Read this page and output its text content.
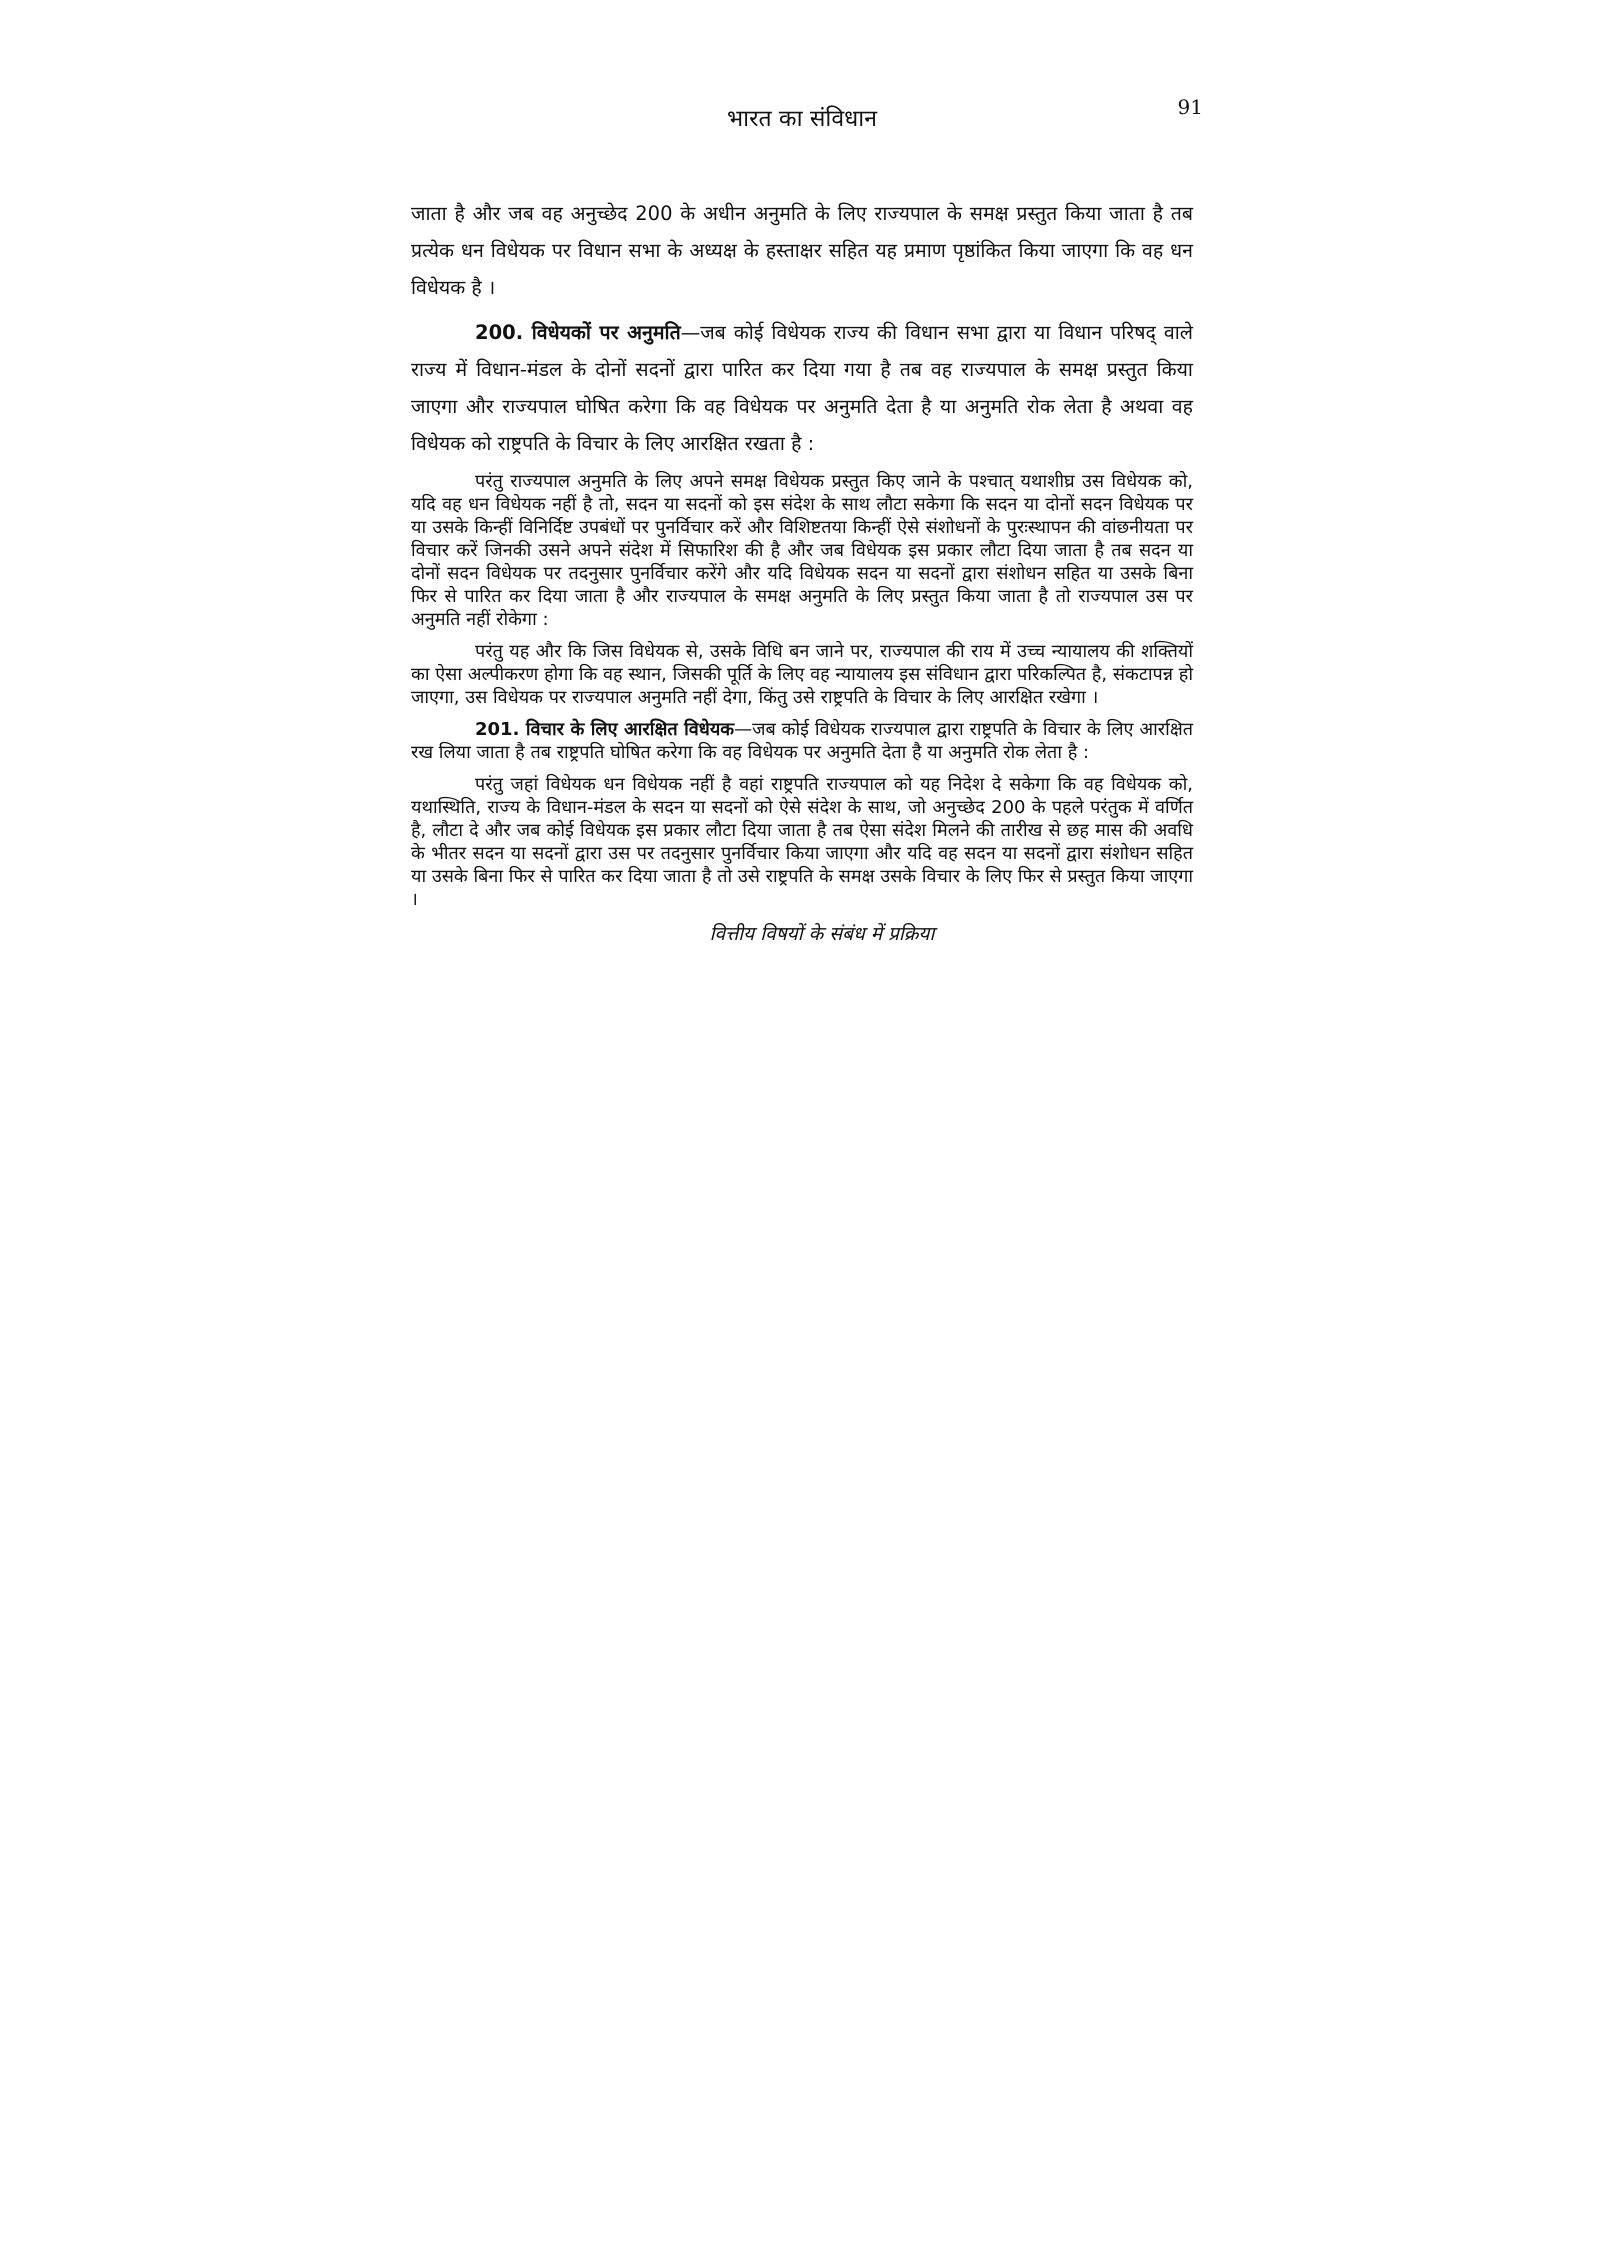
भारत का संविधान	91

जाता है और जब वह अनुच्छेद 200 के अधीन अनुमति के लिए राज्यपाल के समक्ष प्रस्तुत किया जाता है तब प्रत्येक धन विधेयक पर विधान सभा के अध्यक्ष के हस्ताक्षर सहित यह प्रमाण पृष्ठांकित किया जाएगा कि वह धन विधेयक है ।

200. विधेयकों पर अनुमति—जब कोई विधेयक राज्य की विधान सभा द्वारा या विधान परिषद् वाले राज्य में विधान-मंडल के दोनों सदनों द्वारा पारित कर दिया गया है तब वह राज्यपाल के समक्ष प्रस्तुत किया जाएगा और राज्यपाल घोषित करेगा कि वह विधेयक पर अनुमति देता है या अनुमति रोक लेता है अथवा वह विधेयक को राष्ट्रपति के विचार के लिए आरक्षित रखता है :

परंतु राज्यपाल अनुमति के लिए अपने समक्ष विधेयक प्रस्तुत किए जाने के पश्चात् यथाशीघ्र उस विधेयक को, यदि वह धन विधेयक नहीं है तो, सदन या सदनों को इस संदेश के साथ लौटा सकेगा कि सदन या दोनों सदन विधेयक पर या उसके किन्हीं विनिर्दिष्ट उपबंधों पर पुनर्विचार करें और विशिष्टतया किन्हीं ऐसे संशोधनों के पुरःस्थापन की वांछनीयता पर विचार करें जिनकी उसने अपने संदेश में सिफारिश की है और जब विधेयक इस प्रकार लौटा दिया जाता है तब सदन या दोनों सदन विधेयक पर तदनुसार पुनर्विचार करेंगे और यदि विधेयक सदन या सदनों द्वारा संशोधन सहित या उसके बिना फिर से पारित कर दिया जाता है और राज्यपाल के समक्ष अनुमति के लिए प्रस्तुत किया जाता है तो राज्यपाल उस पर अनुमति नहीं रोकेगा :

परंतु यह और कि जिस विधेयक से, उसके विधि बन जाने पर, राज्यपाल की राय में उच्च न्यायालय की शक्तियों का ऐसा अल्पीकरण होगा कि वह स्थान, जिसकी पूर्ति के लिए वह न्यायालय इस संविधान द्वारा परिकल्पित है, संकटापन्न हो जाएगा, उस विधेयक पर राज्यपाल अनुमति नहीं देगा, किंतु उसे राष्ट्रपति के विचार के लिए आरक्षित रखेगा ।

201. विचार के लिए आरक्षित विधेयक—जब कोई विधेयक राज्यपाल द्वारा राष्ट्रपति के विचार के लिए आरक्षित रख लिया जाता है तब राष्ट्रपति घोषित करेगा कि वह विधेयक पर अनुमति देता है या अनुमति रोक लेता है :

परंतु जहां विधेयक धन विधेयक नहीं है वहां राष्ट्रपति राज्यपाल को यह निदेश दे सकेगा कि वह विधेयक को, यथास्थिति, राज्य के विधान-मंडल के सदन या सदनों को ऐसे संदेश के साथ, जो अनुच्छेद 200 के पहले परंतुक में वर्णित है, लौटा दे और जब कोई विधेयक इस प्रकार लौटा दिया जाता है तब ऐसा संदेश मिलने की तारीख से छह मास की अवधि के भीतर सदन या सदनों द्वारा उस पर तदनुसार पुनर्विचार किया जाएगा और यदि वह सदन या सदनों द्वारा संशोधन सहित या उसके बिना फिर से पारित कर दिया जाता है तो उसे राष्ट्रपति के समक्ष उसके विचार के लिए फिर से प्रस्तुत किया जाएगा ।

वित्तीय विषयों के संबंध में प्रक्रिया
